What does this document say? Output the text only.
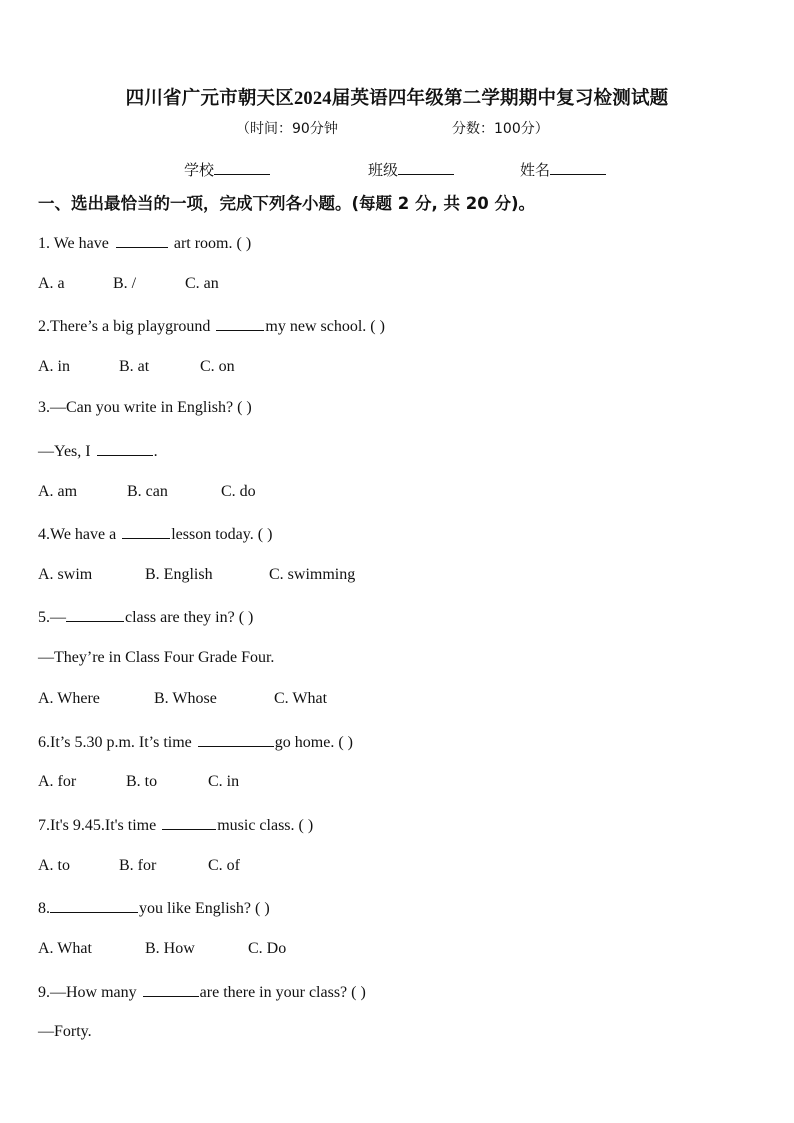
四川省广元市朝天区2024届英语四年级第二学期期中复习检测试题
（时间：90分钟	分数：100分）
学校	班级	姓名
一、选出最恰当的一项，完成下列各小题。(每题 2 分, 共 20 分)。
1. We have	art room. ( )
A. a	B. /	C. an
2.There’s a big playground	my new school. ( )
A. in	B. at	C. on
3.—Can you write in English? ( )
—Yes, I	.
A. am	B. can	C. do
4.We have a	lesson today. ( )
A. swim	B. English	C. swimming
5.—	class are they in? ( )
—They’re in Class Four Grade Four.
A. Where	B. Whose	C. What
6.It’s 5.30 p.m. It’s time	go home. ( )
A. for	B. to	C. in
7.It's 9.45.It's time	music class. ( )
A. to	B. for	C. of
8.	you like English? ( )
A. What	B. How	C. Do
9.—How many	are there in your class? ( )
—Forty.
